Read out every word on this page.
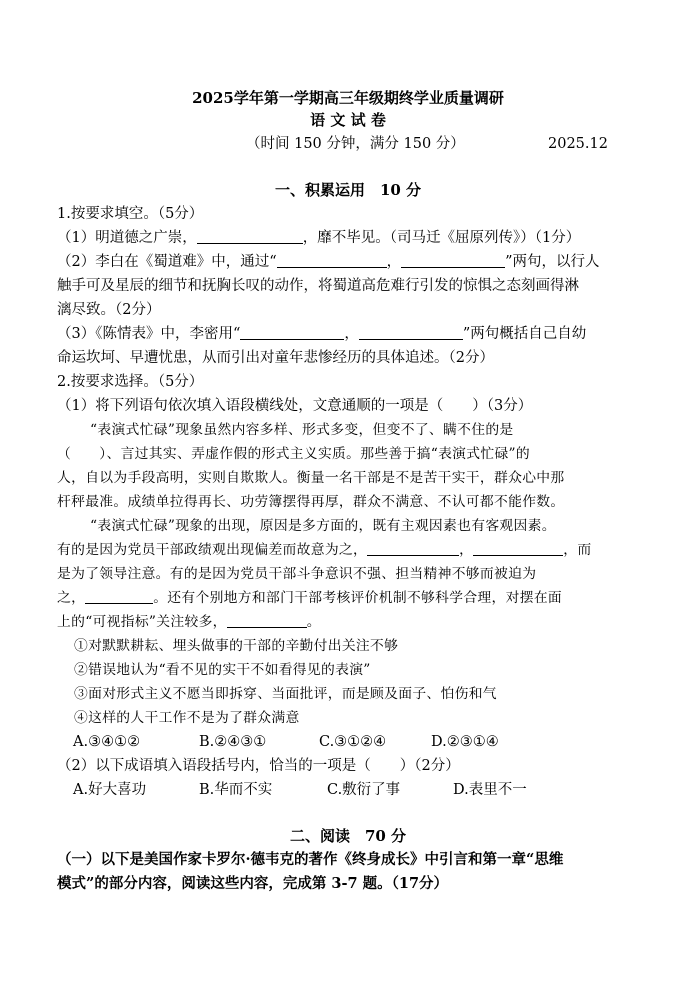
2025学年第一学期高三年级期终学业质量调研
语 文 试 卷
（时间 150 分钟，满分 150 分）	2025.12
一、积累运用　10 分
1.按要求填空。（5分）
（1）明道德之广崇，	，靡不毕见。（司马迁《屈原列传》）（1分）
（2）李白在《蜀道难》中，通过“	，	”两句，以行人
触手可及星辰的细节和抚胸长叹的动作，将蜀道高危难行引发的惊惧之态刻画得淋
漓尽致。（2分）
（3）《陈情表》中，李密用“	，	”两句概括自己自幼
命运坎坷、早遭忧患，从而引出对童年悲惨经历的具体追述。（2分）
2.按要求选择。（5分）
（1）将下列语句依次填入语段横线处，文意通顺的一项是（　　）（3分）
“表演式忙碌”现象虽然内容多样、形式多变，但变不了、瞒不住的是
（　　）、言过其实、弄虚作假的形式主义实质。那些善于搞“表演式忙碌”的
人，自以为手段高明，实则自欺欺人。衡量一名干部是不是苦干实干，群众心中那
杆秤最准。成绩单拉得再长、功劳簿摆得再厚，群众不满意、不认可都不能作数。
“表演式忙碌”现象的出现，原因是多方面的，既有主观因素也有客观因素。
有的是因为党员干部政绩观出现偏差而故意为之，	，	，而
是为了领导注意。有的是因为党员干部斗争意识不强、担当精神不够而被迫为
之，	。还有个别地方和部门干部考核评价机制不够科学合理，对摆在面
上的“可视指标”关注较多，	。
①对默默耕耘、埋头做事的干部的辛勤付出关注不够
②错误地认为“看不见的实干不如看得见的表演”
③面对形式主义不愿当即拆穿、当面批评，而是顾及面子、怕伤和气
④这样的人干工作不是为了群众满意
A.③④①②	B.②④③①	C.③①②④	D.②③①④
（2）以下成语填入语段括号内，恰当的一项是（　　）（2分）
A.好大喜功	B.华而不实	C.敷衍了事	D.表里不一
二、阅读　70 分
（一）以下是美国作家卡罗尔·德韦克的著作《终身成长》中引言和第一章“思维
模式”的部分内容，阅读这些内容，完成第 3-7 题。（17分）
